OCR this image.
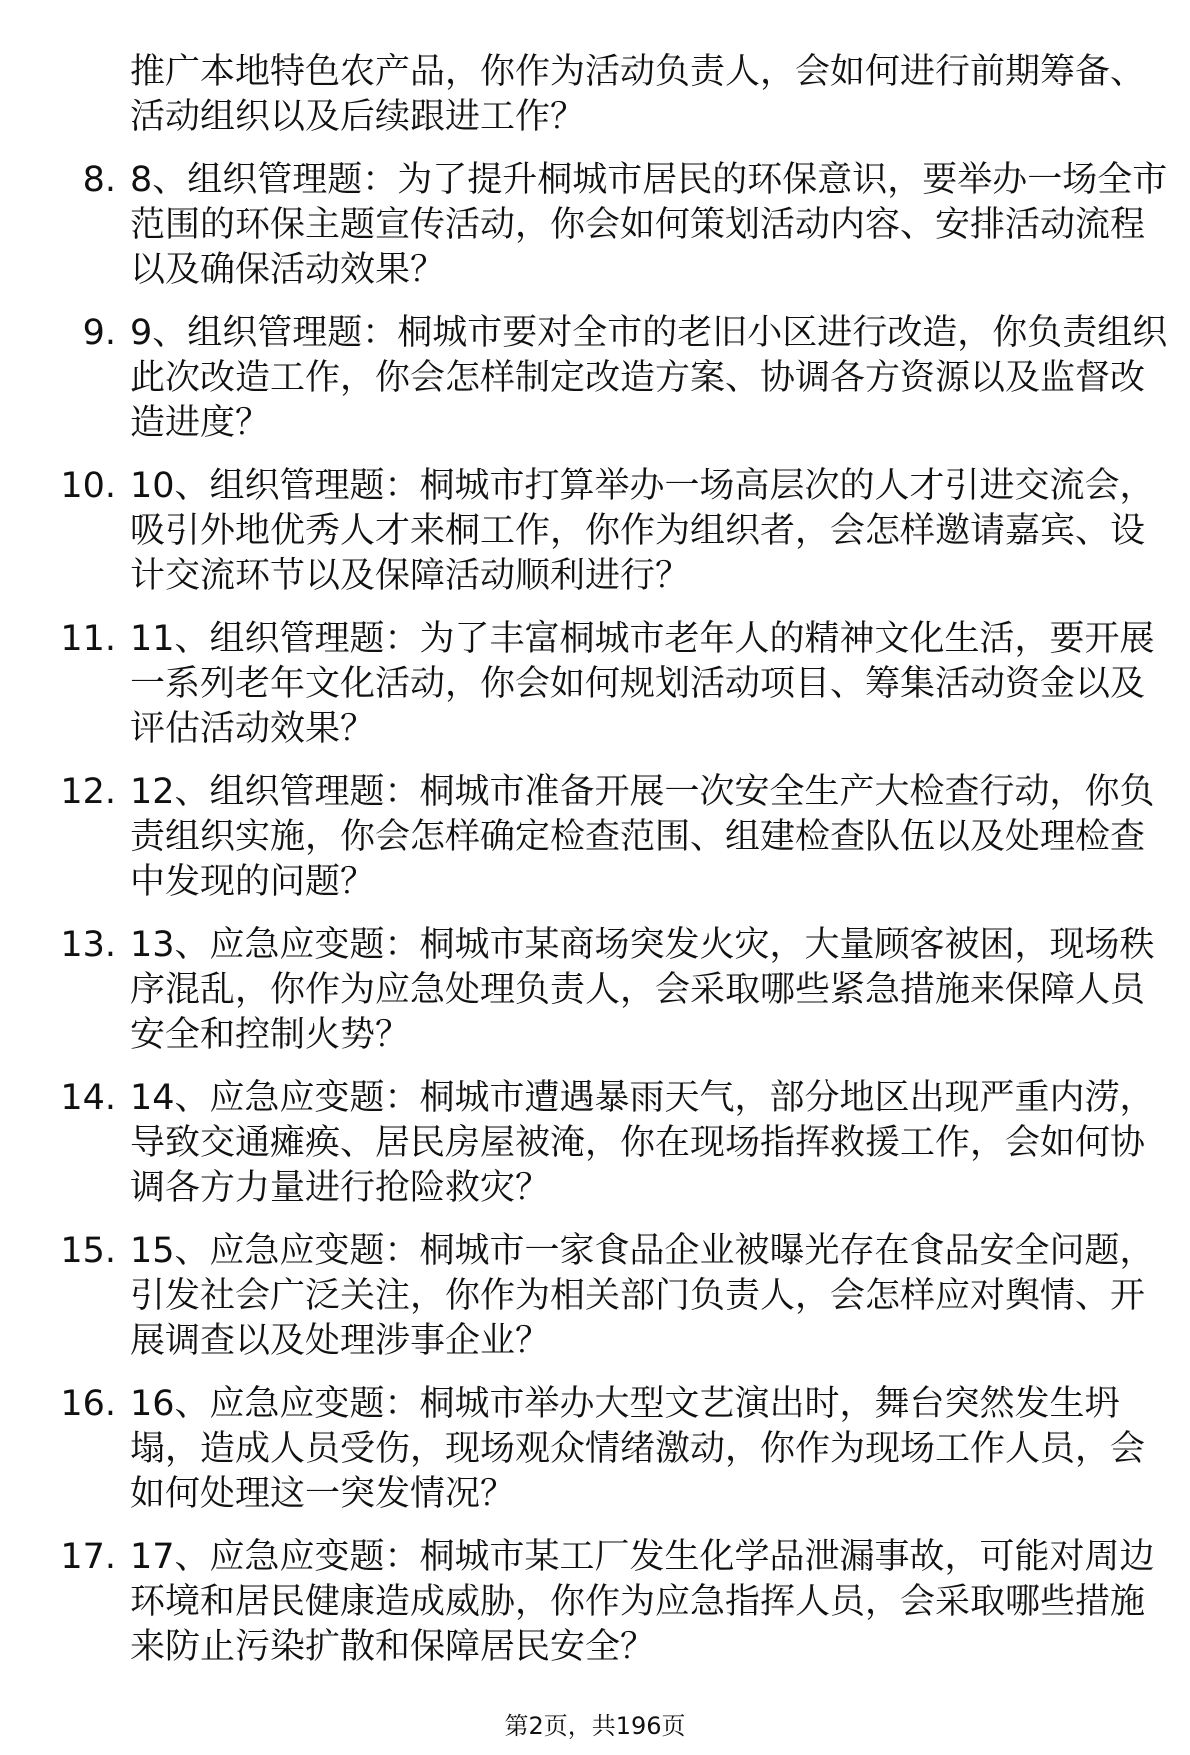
推广本地特色农产品，你作为活动负责人，会如何进行前期筹备、活动组织以及后续跟进工作？
8. 8、组织管理题：为了提升桐城市居民的环保意识，要举办一场全市范围的环保主题宣传活动，你会如何策划活动内容、安排活动流程以及确保活动效果？
9. 9、组织管理题：桐城市要对全市的老旧小区进行改造，你负责组织此次改造工作，你会怎样制定改造方案、协调各方资源以及监督改造进度？
10. 10、组织管理题：桐城市打算举办一场高层次的人才引进交流会，吸引外地优秀人才来桐工作，你作为组织者，会怎样邀请嘉宾、设计交流环节以及保障活动顺利进行？
11. 11、组织管理题：为了丰富桐城市老年人的精神文化生活，要开展一系列老年文化活动，你会如何规划活动项目、筹集活动资金以及评估活动效果？
12. 12、组织管理题：桐城市准备开展一次安全生产大检查行动，你负责组织实施，你会怎样确定检查范围、组建检查队伍以及处理检查中发现的问题？
13. 13、应急应变题：桐城市某商场突发火灾，大量顾客被困，现场秩序混乱，你作为应急处理负责人，会采取哪些紧急措施来保障人员安全和控制火势？
14. 14、应急应变题：桐城市遭遇暴雨天气，部分地区出现严重内涝，导致交通瘫痪、居民房屋被淹，你在现场指挥救援工作，会如何协调各方力量进行抢险救灾？
15. 15、应急应变题：桐城市一家食品企业被曝光存在食品安全问题，引发社会广泛关注，你作为相关部门负责人，会怎样应对舆情、开展调查以及处理涉事企业？
16. 16、应急应变题：桐城市举办大型文艺演出时，舞台突然发生坍塌，造成人员受伤，现场观众情绪激动，你作为现场工作人员，会如何处理这一突发情况？
17. 17、应急应变题：桐城市某工厂发生化学品泄漏事故，可能对周边环境和居民健康造成威胁，你作为应急指挥人员，会采取哪些措施来防止污染扩散和保障居民安全？
第2页，共196页
